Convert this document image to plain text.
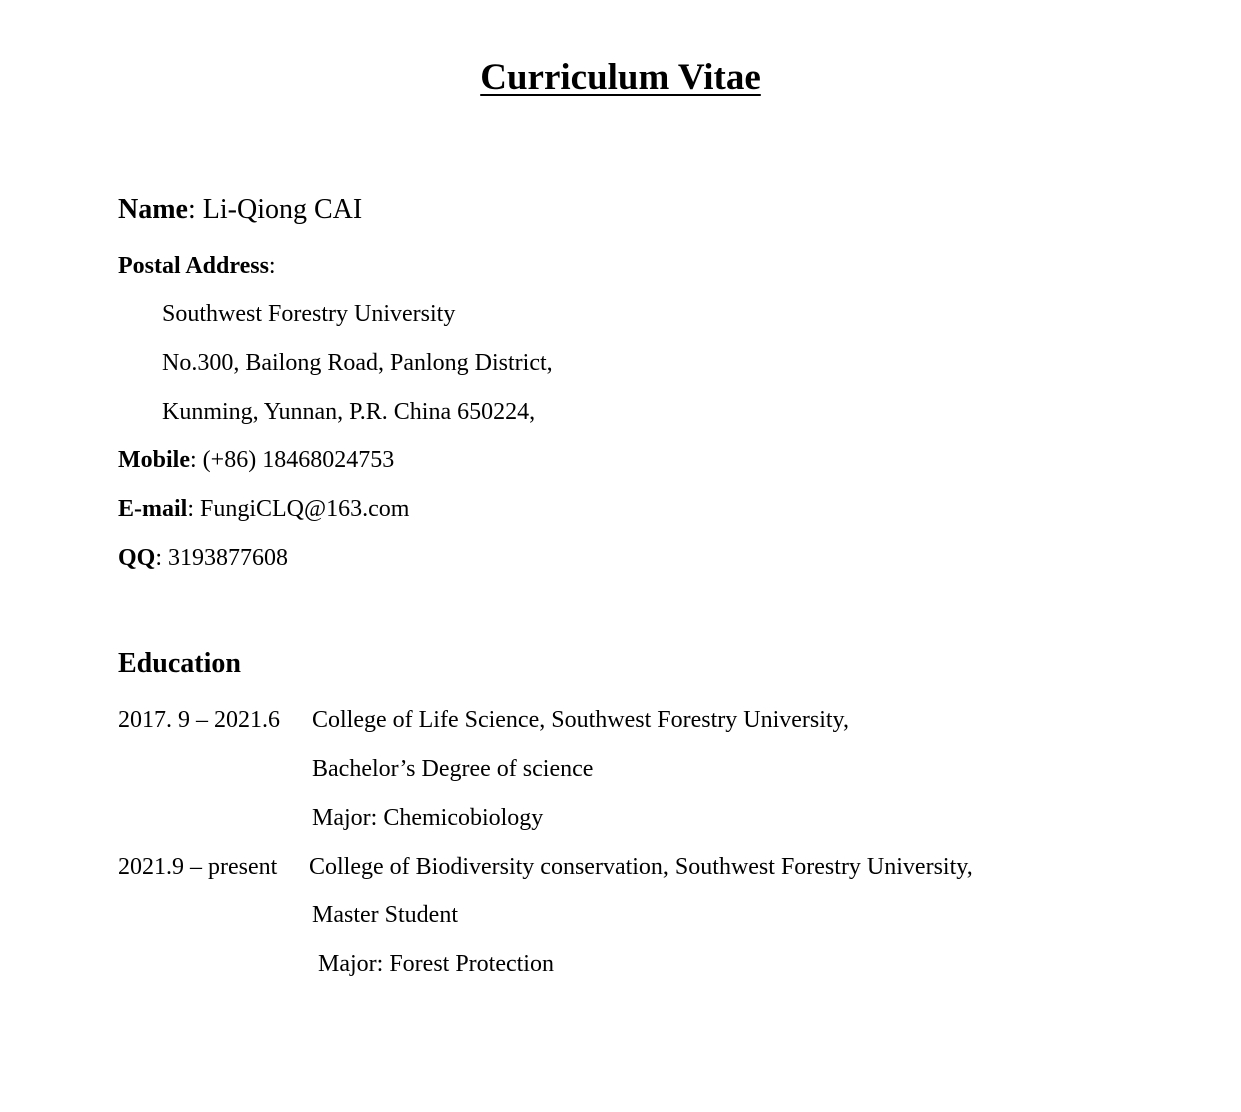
Curriculum Vitae
Name: Li-Qiong CAI
Postal Address:
Southwest Forestry University
No.300, Bailong Road, Panlong District,
Kunming, Yunnan, P.R. China 650224,
Mobile: (+86) 18468024753
E-mail: FungiCLQ@163.com
QQ: 3193877608
Education
2017. 9 – 2021.6 College of Life Science, Southwest Forestry University,
Bachelor’s Degree of science
Major: Chemicobiology
2021.9 – present College of Biodiversity conservation, Southwest Forestry University,
Master Student
Major: Forest Protection
